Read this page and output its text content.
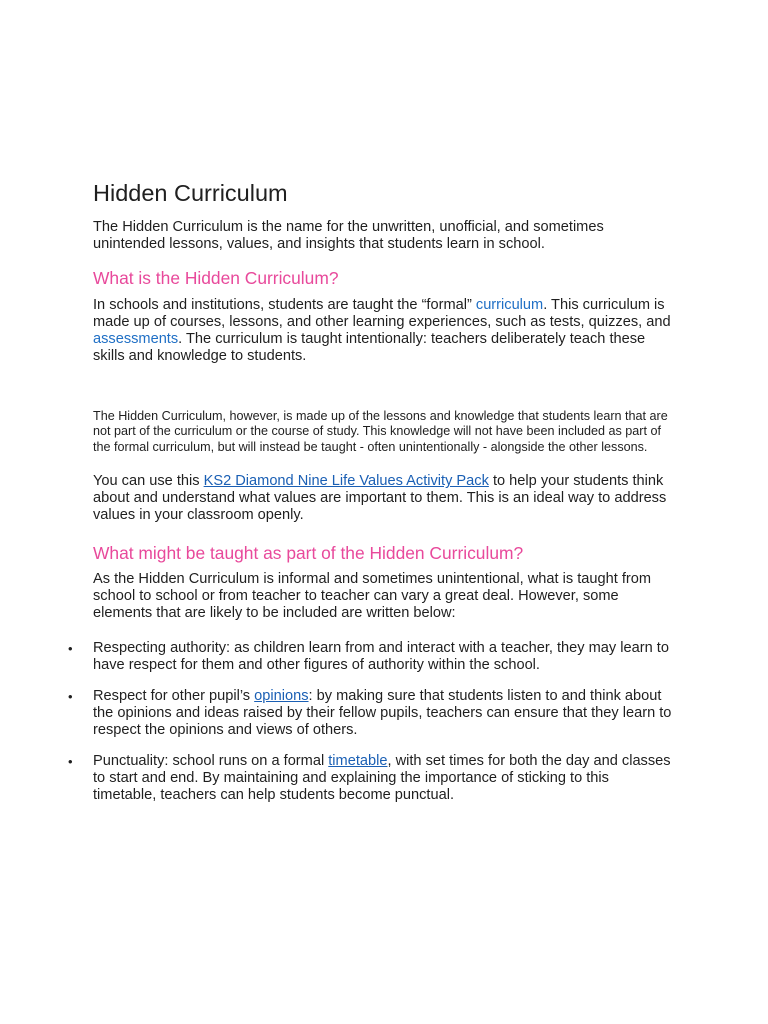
Hidden Curriculum

The Hidden Curriculum is the name for the unwritten, unofficial, and sometimes unintended lessons, values, and insights that students learn in school.

What is the Hidden Curriculum?

In schools and institutions, students are taught the “formal” curriculum. This curriculum is made up of courses, lessons, and other learning experiences, such as tests, quizzes, and assessments. The curriculum is taught intentionally: teachers deliberately teach these skills and knowledge to students.

The Hidden Curriculum, however, is made up of the lessons and knowledge that students learn that are not part of the curriculum or the course of study. This knowledge will not have been included as part of the formal curriculum, but will instead be taught - often unintentionally - alongside the other lessons.

You can use this KS2 Diamond Nine Life Values Activity Pack to help your students think about and understand what values are important to them. This is an ideal way to address values in your classroom openly.

What might be taught as part of the Hidden Curriculum?

As the Hidden Curriculum is informal and sometimes unintentional, what is taught from school to school or from teacher to teacher can vary a great deal. However, some elements that are likely to be included are written below:

• Respecting authority: as children learn from and interact with a teacher, they may learn to have respect for them and other figures of authority within the school.
• Respect for other pupil’s opinions: by making sure that students listen to and think about the opinions and ideas raised by their fellow pupils, teachers can ensure that they learn to respect the opinions and views of others.
• Punctuality: school runs on a formal timetable, with set times for both the day and classes to start and end. By maintaining and explaining the importance of sticking to this timetable, teachers can help students become punctual.
